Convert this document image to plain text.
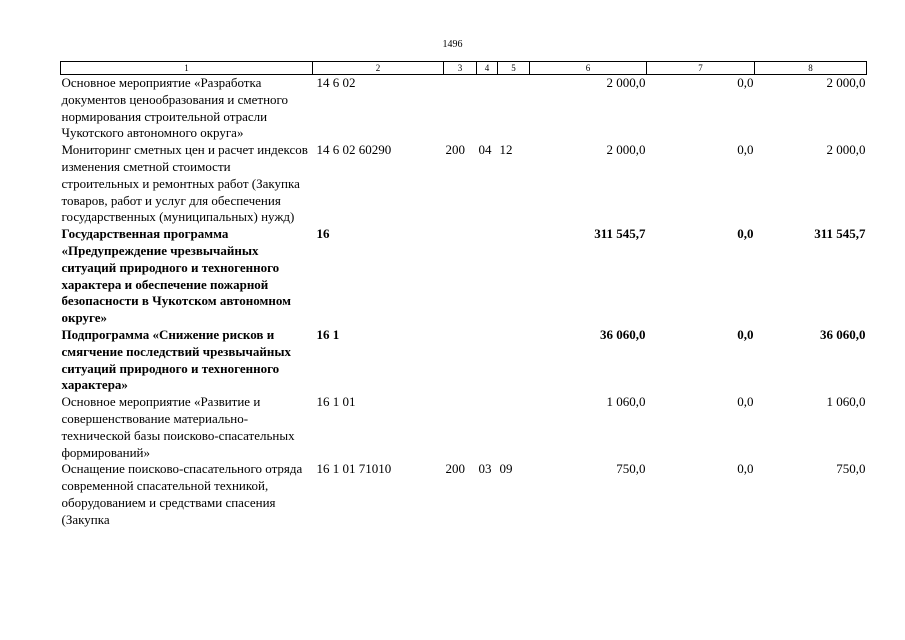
1496
1	2	3	4	5	6	7	8
Основное мероприятие «Разработка документов ценообразования и сметного нормирования строительной отрасли Чукотского автономного округа»	14 6 02				2 000,0	0,0	2 000,0
Мониторинг сметных цен и расчет индексов изменения сметной стоимости строительных и ремонтных работ (Закупка товаров, работ и услуг для обеспечения государственных (муниципальных) нужд)	14 6 02 60290	200	04	12	2 000,0	0,0	2 000,0
Государственная программа «Предупреждение чрезвычайных ситуаций природного и техногенного характера и обеспечение пожарной безопасности в Чукотском автономном округе»	16				311 545,7	0,0	311 545,7
Подпрограмма «Снижение рисков и смягчение последствий чрезвычайных ситуаций природного и техногенного характера»	16 1				36 060,0	0,0	36 060,0
Основное мероприятие «Развитие и совершенствование материально-технической базы поисково-спасательных формирований»	16 1 01				1 060,0	0,0	1 060,0
Оснащение поисково-спасательного отряда современной спасательной техникой, оборудованием и средствами спасения (Закупка	16 1 01 71010	200	03	09	750,0	0,0	750,0
